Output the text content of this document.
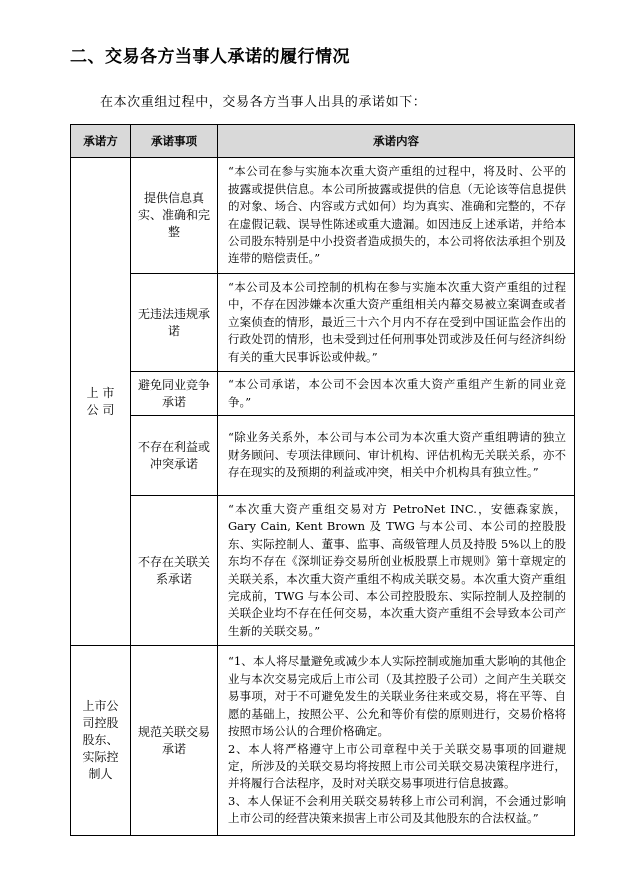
二、交易各方当事人承诺的履行情况
在本次重组过程中，交易各方当事人出具的承诺如下：
承诺方	承诺事项	承诺内容
上 市 公 司	提供信息真实、准确和完整	“本公司在参与实施本次重大资产重组的过程中，将及时、公平的披露或提供信息。本公司所披露或提供的信息（无论该等信息提供的对象、场合、内容或方式如何）均为真实、准确和完整的，不存在虚假记载、误导性陈述或重大遗漏。如因违反上述承诺，并给本公司股东特别是中小投资者造成损失的，本公司将依法承担个别及连带的赔偿责任。”
	无违法违规承诺	“本公司及本公司控制的机构在参与实施本次重大资产重组的过程中，不存在因涉嫌本次重大资产重组相关内幕交易被立案调查或者立案侦查的情形，最近三十六个月内不存在受到中国证监会作出的行政处罚的情形，也未受到过任何刑事处罚或涉及任何与经济纠纷有关的重大民事诉讼或仲裁。”
	避免同业竞争承诺	“本公司承诺，本公司不会因本次重大资产重组产生新的同业竞争。”
	不存在利益或冲突承诺	“除业务关系外，本公司与本公司为本次重大资产重组聘请的独立财务顾问、专项法律顾问、审计机构、评估机构无关联关系，亦不存在现实的及预期的利益或冲突，相关中介机构具有独立性。”
	不存在关联关系承诺	“本次重大资产重组交易对方 PetroNet INC.，安德森家族，Gary Cain, Kent Brown 及 TWG 与本公司、本公司的控股股东、实际控制人、董事、监事、高级管理人员及持股 5%以上的股东均不存在《深圳证券交易所创业板股票上市规则》第十章规定的关联关系，本次重大资产重组不构成关联交易。本次重大资产重组完成前，TWG 与本公司、本公司控股股东、实际控制人及控制的关联企业均不存在任何交易，本次重大资产重组不会导致本公司产生新的关联交易。”
上市公司控股股东、实际控制人	规范关联交易承诺	“1、本人将尽量避免或减少本人实际控制或施加重大影响的其他企业与本次交易完成后上市公司（及其控股子公司）之间产生关联交易事项，对于不可避免发生的关联业务往来或交易，将在平等、自愿的基础上，按照公平、公允和等价有偿的原则进行，交易价格将按照市场公认的合理价格确定。
2、本人将严格遵守上市公司章程中关于关联交易事项的回避规定，所涉及的关联交易均将按照上市公司关联交易决策程序进行，并将履行合法程序，及时对关联交易事项进行信息披露。
3、本人保证不会利用关联交易转移上市公司利润，不会通过影响上市公司的经营决策来损害上市公司及其他股东的合法权益。”
